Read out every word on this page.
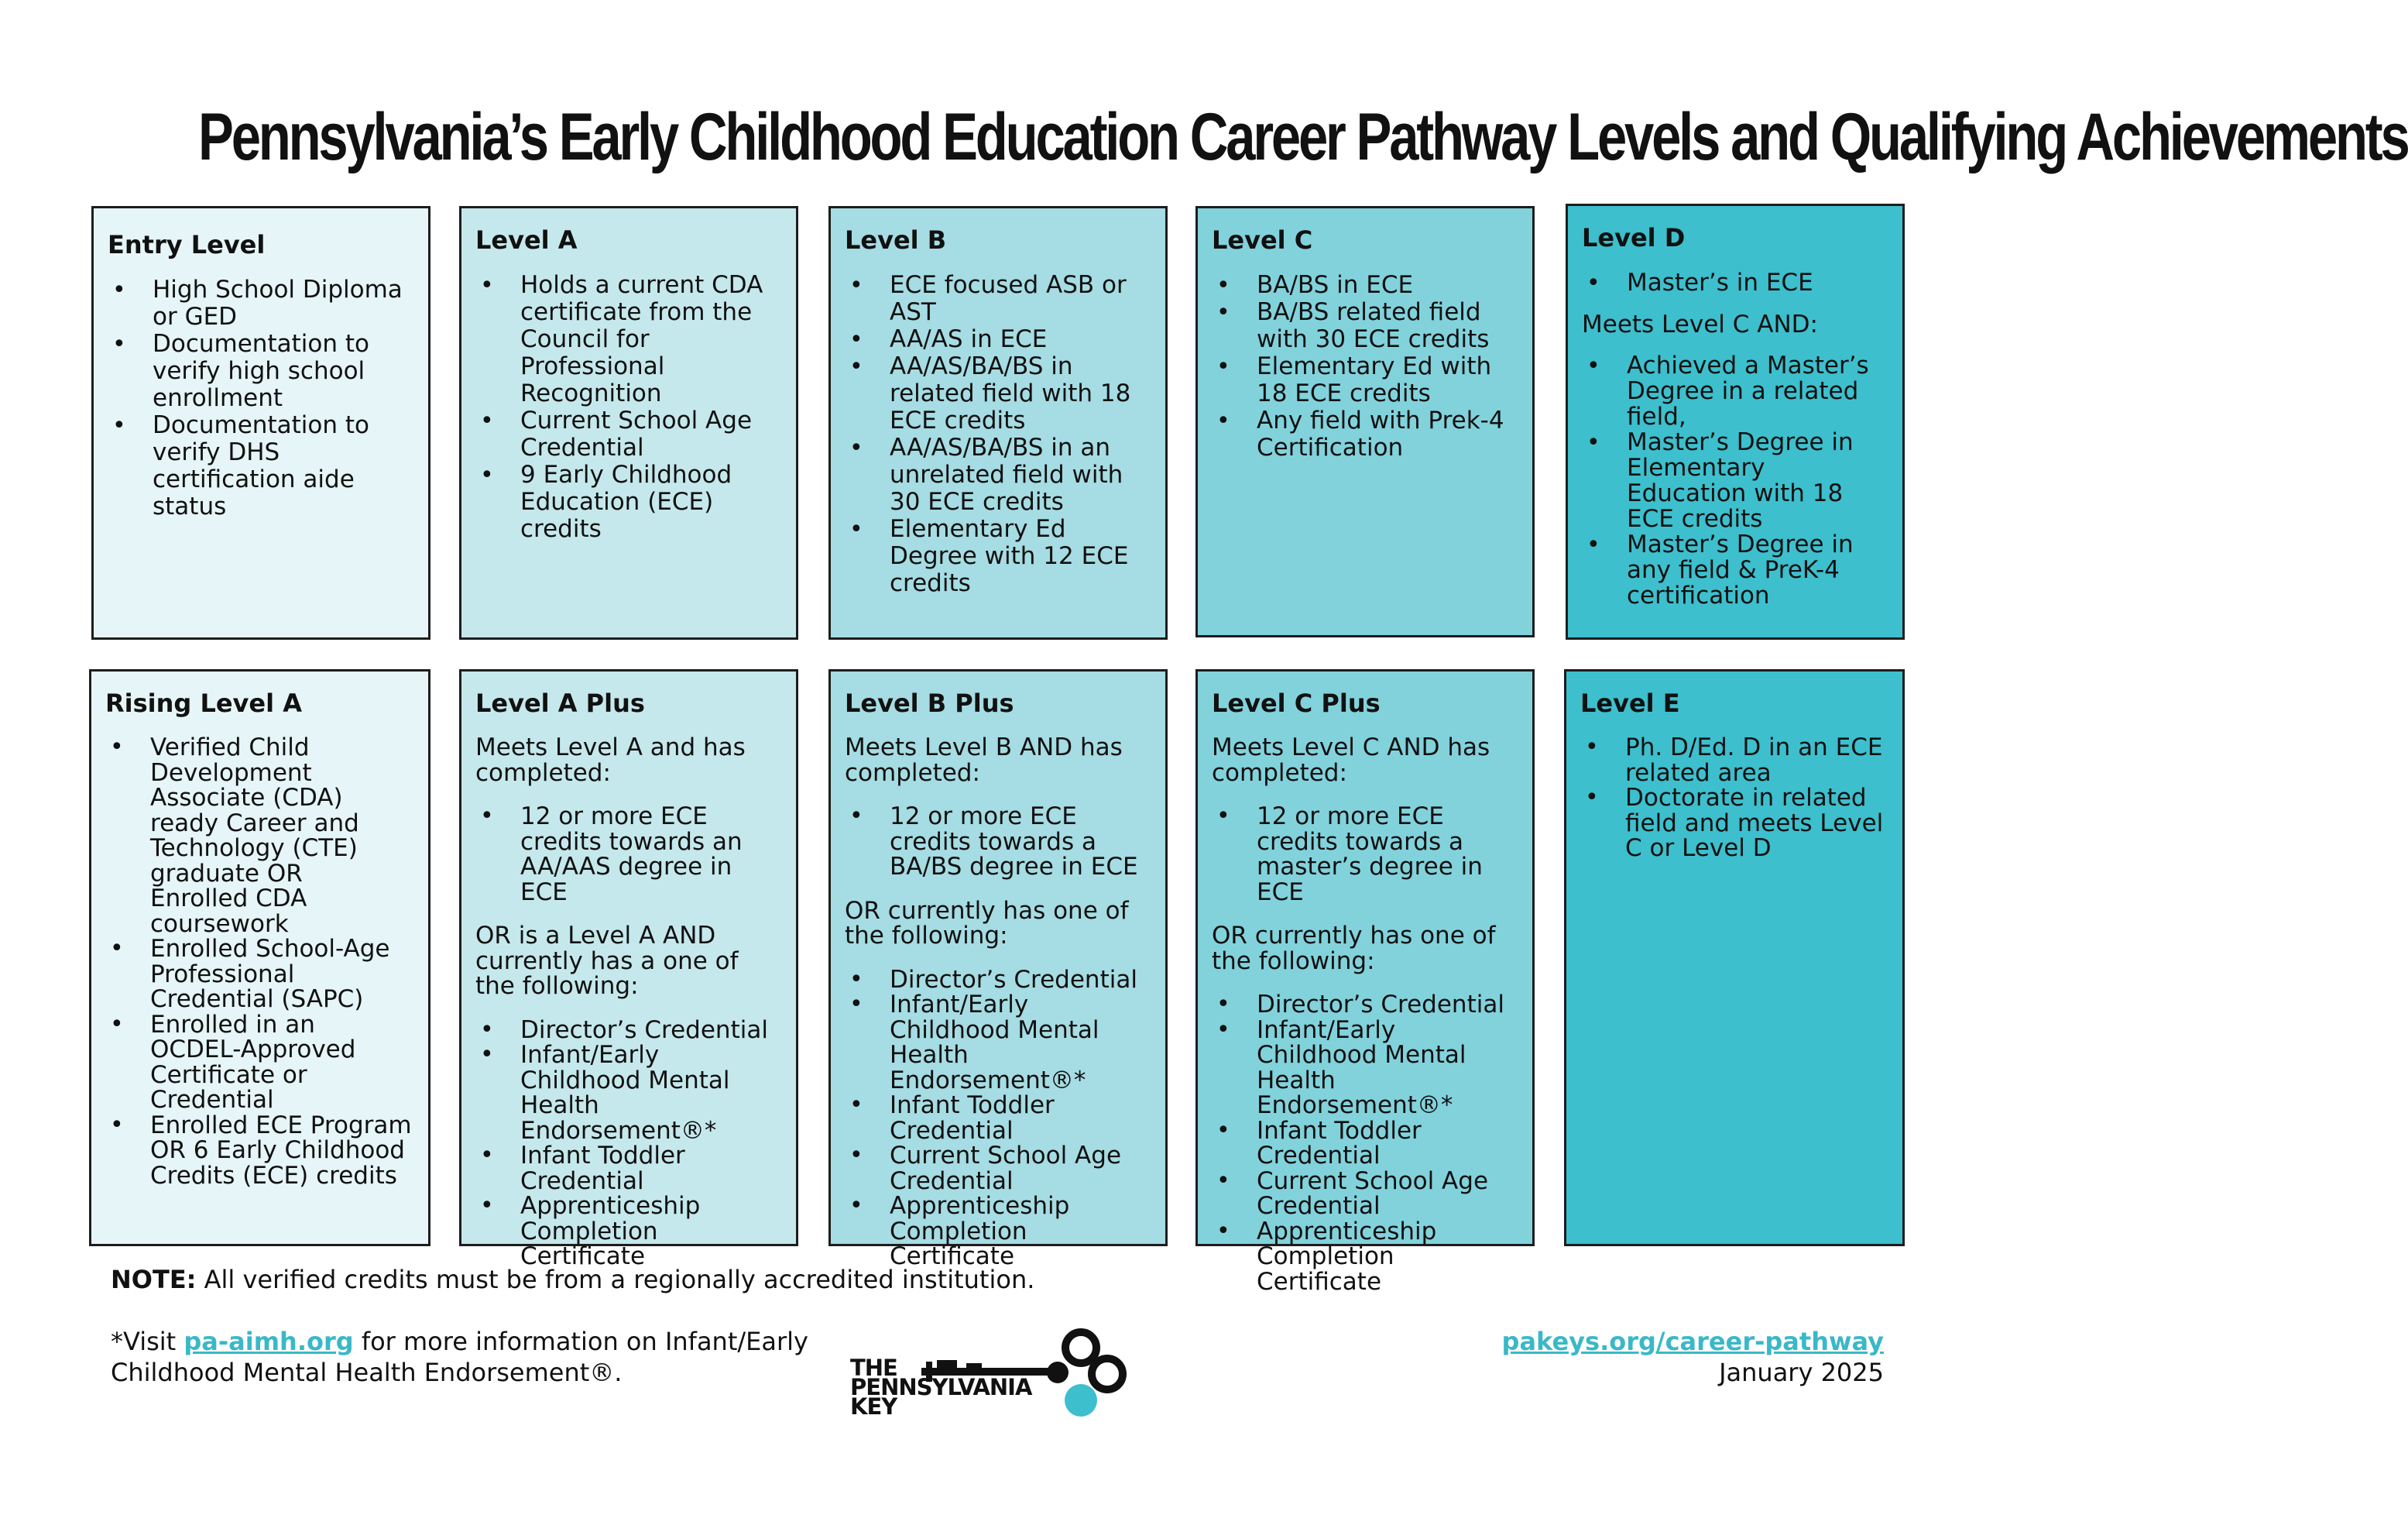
Pennsylvania’s Early Childhood Education Career Pathway Levels and Qualifying Achievements
Entry Level
• High School Diploma or GED
• Documentation to verify high school enrollment
• Documentation to verify DHS certification aide status
Level A
• Holds a current CDA certificate from the Council for Professional Recognition
• Current School Age Credential
• 9 Early Childhood Education (ECE) credits
Level B
• ECE focused ASB or AST
• AA/AS in ECE
• AA/AS/BA/BS in related field with 18 ECE credits
• AA/AS/BA/BS in an unrelated field with 30 ECE credits
• Elementary Ed Degree with 12 ECE credits
Level C
• BA/BS in ECE
• BA/BS related field with 30 ECE credits
• Elementary Ed with 18 ECE credits
• Any field with Prek-4 Certification
Level D
• Master’s in ECE

Meets Level C AND:

• Achieved a Master’s Degree in a related field,
• Master’s Degree in Elementary Education with 18 ECE credits
• Master’s Degree in any field & PreK-4 certification
Rising Level A
• Verified Child Development Associate (CDA) ready Career and Technology (CTE) graduate OR Enrolled CDA coursework
• Enrolled School-Age Professional Credential (SAPC)
• Enrolled in an OCDEL-Approved Certificate or Credential
• Enrolled ECE Program OR 6 Early Childhood Credits (ECE) credits
Level A Plus

Meets Level A and has completed:

• 12 or more ECE credits towards an AA/AAS degree in ECE

OR is a Level A AND currently has a one of the following:

• Director’s Credential
• Infant/Early Childhood Mental Health Endorsement®*
• Infant Toddler Credential
• Apprenticeship Completion Certificate
Level B Plus

Meets Level B AND has completed:

• 12 or more ECE credits towards a BA/BS degree in ECE

OR currently has one of the following:

• Director’s Credential
• Infant/Early Childhood Mental Health Endorsement®*
• Infant Toddler Credential
• Current School Age Credential
• Apprenticeship Completion Certificate
Level C Plus

Meets Level C AND has completed:

• 12 or more ECE credits towards a master’s degree in ECE

OR currently has one of the following:

• Director’s Credential
• Infant/Early Childhood Mental Health Endorsement®*
• Infant Toddler Credential
• Current School Age Credential
• Apprenticeship Completion Certificate
Level E
• Ph. D/Ed. D in an ECE related area
• Doctorate in related field and meets Level C or Level D
NOTE: All verified credits must be from a regionally accredited institution.
*Visit pa-aimh.org for more information on Infant/Early
Childhood Mental Health Endorsement®.	THE
PENNSYLVANIA
KEY
pakeys.org/career-pathway
January 2025
